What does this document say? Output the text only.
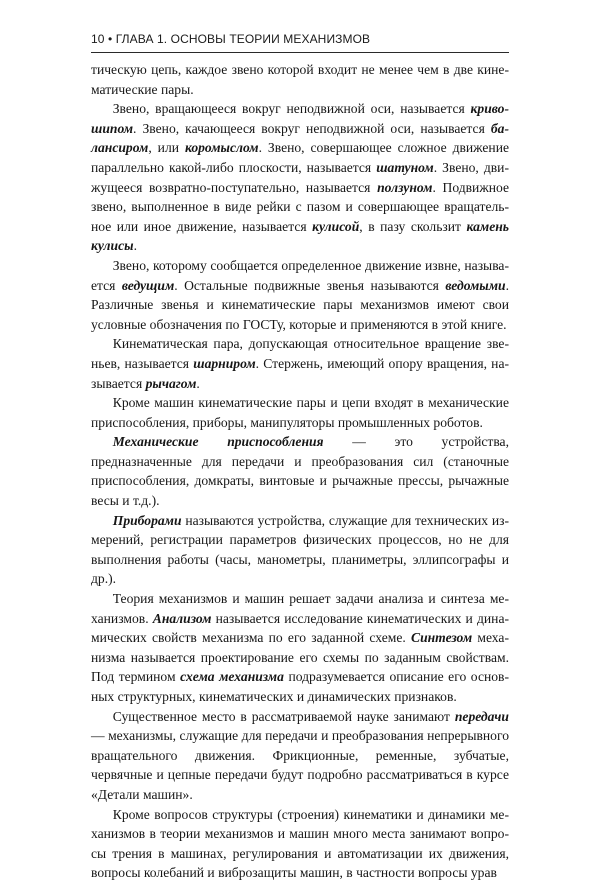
10 • ГЛАВА 1. ОСНОВЫ ТЕОРИИ МЕХАНИЗМОВ

тическую цепь, каждое звено которой входит не менее чем в две кинематические пары.

Звено, вращающееся вокруг неподвижной оси, называется кривошипом. Звено, качающееся вокруг неподвижной оси, называется балансиром, или коромыслом. Звено, совершающее сложное движение параллельно какой-либо плоскости, называется шатуном. Звено, движущееся возвратно-поступательно, называется ползуном. Подвижное звено, выполненное в виде рейки с пазом и совершающее вращательное или иное движение, называется кулисой, в пазу скользит камень кулисы.

Звено, которому сообщается определенное движение извне, называется ведущим. Остальные подвижные звенья называются ведомыми. Различные звенья и кинематические пары механизмов имеют свои условные обозначения по ГОСТу, которые и применяются в этой книге.

Кинематическая пара, допускающая относительное вращение звеньев, называется шарниром. Стержень, имеющий опору вращения, называется рычагом.

Кроме машин кинематические пары и цепи входят в механические приспособления, приборы, манипуляторы промышленных роботов.

Механические приспособления — это устройства, предназначенные для передачи и преобразования сил (станочные приспособления, домкраты, винтовые и рычажные прессы, рычажные весы и т.д.).

Приборами называются устройства, служащие для технических измерений, регистрации параметров физических процессов, но не для выполнения работы (часы, манометры, планиметры, эллипсографы и др.).

Теория механизмов и машин решает задачи анализа и синтеза механизмов. Анализом называется исследование кинематических и динамических свойств механизма по его заданной схеме. Синтезом механизма называется проектирование его схемы по заданным свойствам. Под термином схема механизма подразумевается описание его основных структурных, кинематических и динамических признаков.

Существенное место в рассматриваемой науке занимают передачи — механизмы, служащие для передачи и преобразования непрерывного вращательного движения. Фрикционные, ременные, зубчатые, червячные и цепные передачи будут подробно рассматриваться в курсе «Детали машин».

Кроме вопросов структуры (строения) кинематики и динамики механизмов в теории механизмов и машин много места занимают вопросы трения в машинах, регулирования и автоматизации их движения, вопросы колебаний и виброзащиты машин, в частности вопросы урав
